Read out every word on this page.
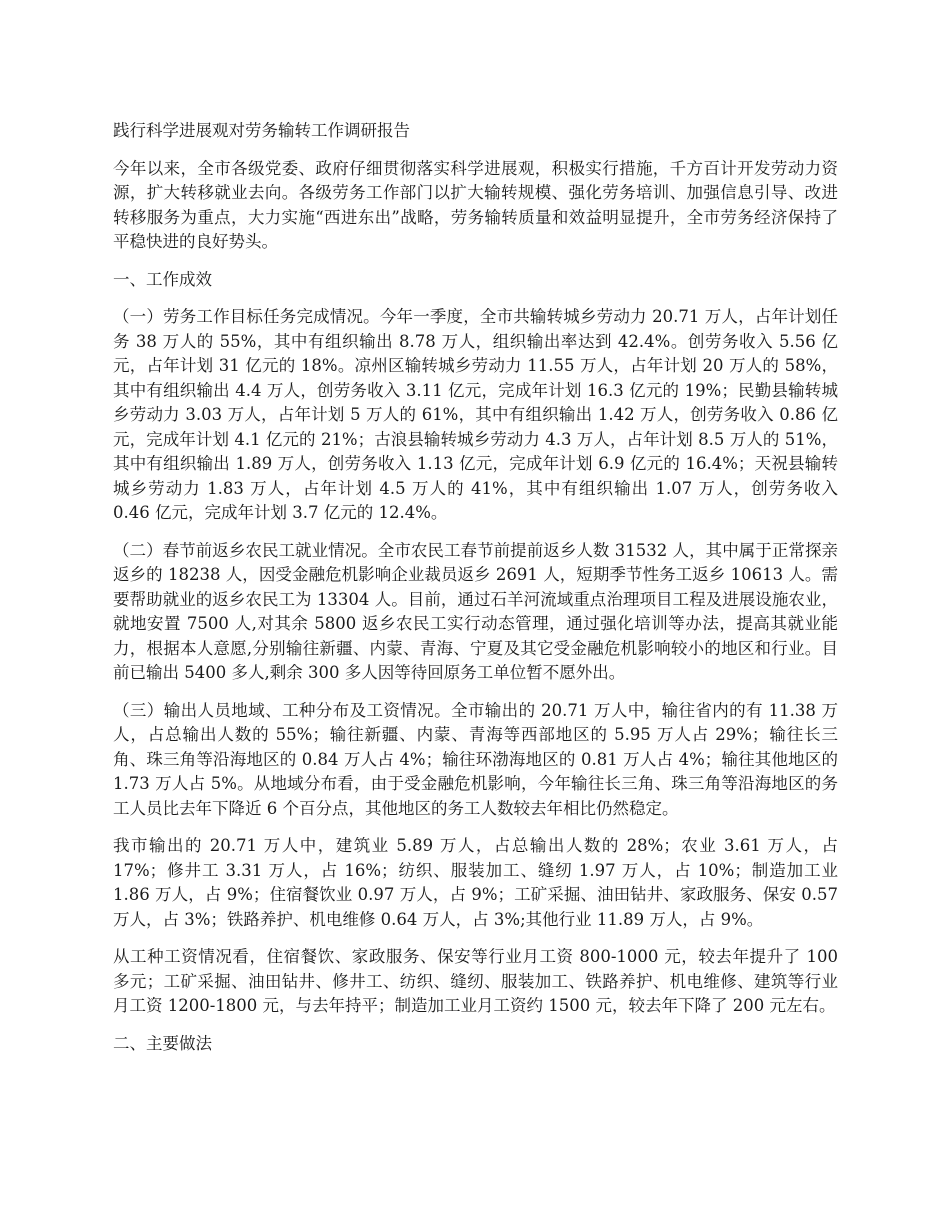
践行科学进展观对劳务输转工作调研报告
今年以来，全市各级党委、政府仔细贯彻落实科学进展观，积极实行措施，千方百计开发劳动力资源，扩大转移就业去向。各级劳务工作部门以扩大输转规模、强化劳务培训、加强信息引导、改进转移服务为重点，大力实施“西进东出”战略，劳务输转质量和效益明显提升，全市劳务经济保持了平稳快进的良好势头。
一、工作成效
（一）劳务工作目标任务完成情况。今年一季度，全市共输转城乡劳动力 20.71 万人，占年计划任务 38 万人的 55%，其中有组织输出 8.78 万人，组织输出率达到 42.4%。创劳务收入 5.56 亿元，占年计划 31 亿元的 18%。凉州区输转城乡劳动力 11.55 万人，占年计划 20 万人的 58%，其中有组织输出 4.4 万人，创劳务收入 3.11 亿元，完成年计划 16.3 亿元的 19%；民勤县输转城乡劳动力 3.03 万人，占年计划 5 万人的 61%，其中有组织输出 1.42 万人，创劳务收入 0.86 亿元，完成年计划 4.1 亿元的 21%；古浪县输转城乡劳动力 4.3 万人，占年计划 8.5 万人的 51%，其中有组织输出 1.89 万人，创劳务收入 1.13 亿元，完成年计划 6.9 亿元的 16.4%；天祝县输转城乡劳动力 1.83 万人，占年计划 4.5 万人的 41%，其中有组织输出 1.07 万人，创劳务收入 0.46 亿元，完成年计划 3.7 亿元的 12.4%。
（二）春节前返乡农民工就业情况。全市农民工春节前提前返乡人数 31532 人，其中属于正常探亲返乡的 18238 人，因受金融危机影响企业裁员返乡 2691 人，短期季节性务工返乡 10613 人。需要帮助就业的返乡农民工为 13304 人。目前，通过石羊河流域重点治理项目工程及进展设施农业，就地安置 7500 人,对其余 5800 返乡农民工实行动态管理，通过强化培训等办法，提高其就业能力，根据本人意愿,分别输往新疆、内蒙、青海、宁夏及其它受金融危机影响较小的地区和行业。目前已输出 5400 多人,剩余 300 多人因等待回原务工单位暂不愿外出。
（三）输出人员地域、工种分布及工资情况。全市输出的 20.71 万人中，输往省内的有 11.38 万人，占总输出人数的 55%；输往新疆、内蒙、青海等西部地区的 5.95 万人占 29%；输往长三角、珠三角等沿海地区的 0.84 万人占 4%；输往环渤海地区的 0.81 万人占 4%；输往其他地区的 1.73 万人占 5%。从地域分布看，由于受金融危机影响，今年输往长三角、珠三角等沿海地区的务工人员比去年下降近 6 个百分点，其他地区的务工人数较去年相比仍然稳定。
我市输出的 20.71 万人中，建筑业 5.89 万人，占总输出人数的 28%；农业 3.61 万人，占 17%；修井工 3.31 万人，占 16%；纺织、服装加工、缝纫 1.97 万人，占 10%；制造加工业 1.86 万人，占 9%；住宿餐饮业 0.97 万人，占 9%；工矿采掘、油田钻井、家政服务、保安 0.57 万人，占 3%；铁路养护、机电维修 0.64 万人，占 3%;其他行业 11.89 万人，占 9%。
从工种工资情况看，住宿餐饮、家政服务、保安等行业月工资 800-1000 元，较去年提升了 100 多元；工矿采掘、油田钻井、修井工、纺织、缝纫、服装加工、铁路养护、机电维修、建筑等行业月工资 1200-1800 元，与去年持平；制造加工业月工资约 1500 元，较去年下降了 200 元左右。
二、主要做法
